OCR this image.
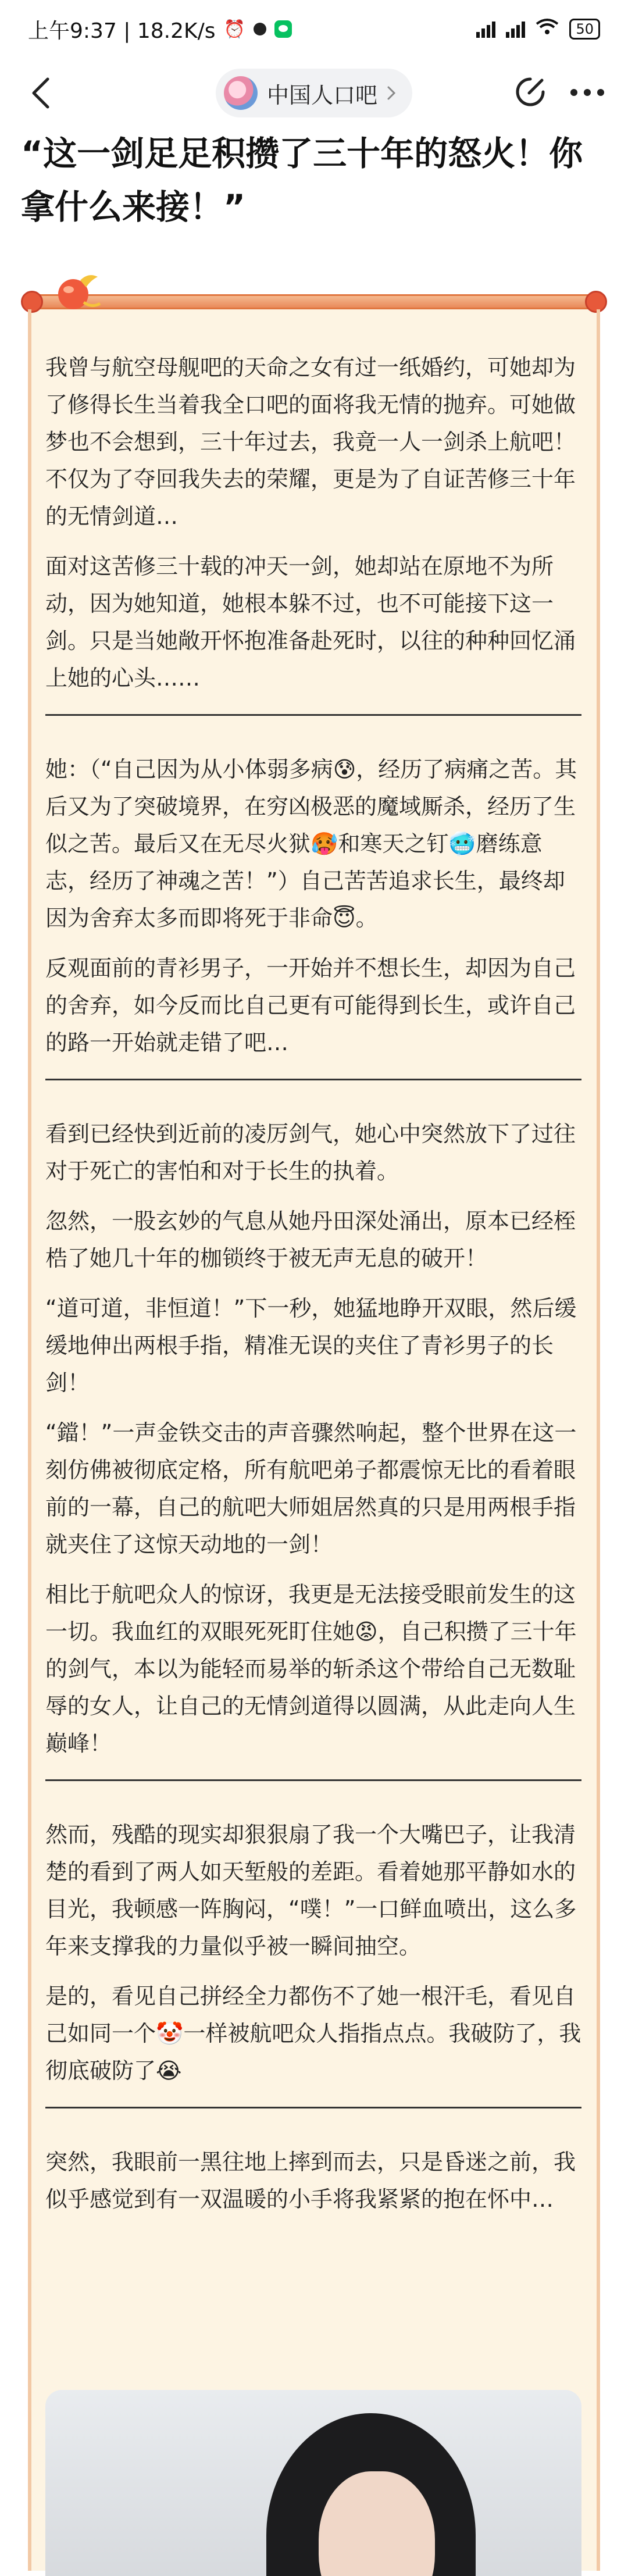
上午9:37 | 18.2K/s ⏰	50
中国人口吧
“这一剑足足积攒了三十年的怒火！你拿什么来接！”

我曾与航空母舰吧的天命之女有过一纸婚约，可她却为了修得长生当着我全口吧的面将我无情的抛弃。可她做梦也不会想到，三十年过去，我竟一人一剑杀上航吧！不仅为了夺回我失去的荣耀，更是为了自证苦修三十年的无情剑道…

面对这苦修三十载的冲天一剑，她却站在原地不为所动，因为她知道，她根本躲不过，也不可能接下这一剑。只是当她敞开怀抱准备赴死时，以往的种种回忆涌上她的心头……

她：（“自己因为从小体弱多病😰，经历了病痛之苦。其后又为了突破境界，在穷凶极恶的魔域厮杀，经历了生似之苦。最后又在无尽火狱🥵和寒天之钉🥶磨练意志，经历了神魂之苦！”）自己苦苦追求长生，最终却因为舍弃太多而即将死于非命😇。

反观面前的青衫男子，一开始并不想长生，却因为自己的舍弃，如今反而比自己更有可能得到长生，或许自己的路一开始就走错了吧…

看到已经快到近前的凌厉剑气，她心中突然放下了过往对于死亡的害怕和对于长生的执着。

忽然，一股玄妙的气息从她丹田深处涌出，原本已经桎梏了她几十年的枷锁终于被无声无息的破开！

“道可道，非恒道！”下一秒，她猛地睁开双眼，然后缓缓地伸出两根手指，精准无误的夹住了青衫男子的长剑！

“鐺！”一声金铁交击的声音骤然响起，整个世界在这一刻仿佛被彻底定格，所有航吧弟子都震惊无比的看着眼前的一幕，自己的航吧大师姐居然真的只是用两根手指就夹住了这惊天动地的一剑！

相比于航吧众人的惊讶，我更是无法接受眼前发生的这一切。我血红的双眼死死盯住她😡，自己积攒了三十年的剑气，本以为能轻而易举的斩杀这个带给自己无数耻辱的女人，让自己的无情剑道得以圆满，从此走向人生巅峰！

然而，残酷的现实却狠狠扇了我一个大嘴巴子，让我清楚的看到了两人如天堑般的差距。看着她那平静如水的目光，我顿感一阵胸闷，“噗！”一口鲜血喷出，这么多年来支撑我的力量似乎被一瞬间抽空。

是的，看见自己拼经全力都伤不了她一根汗毛，看见自己如同一个🤡一样被航吧众人指指点点。我破防了，我彻底破防了😭

突然，我眼前一黑往地上摔到而去，只是昏迷之前，我似乎感觉到有一双温暖的小手将我紧紧的抱在怀中…
